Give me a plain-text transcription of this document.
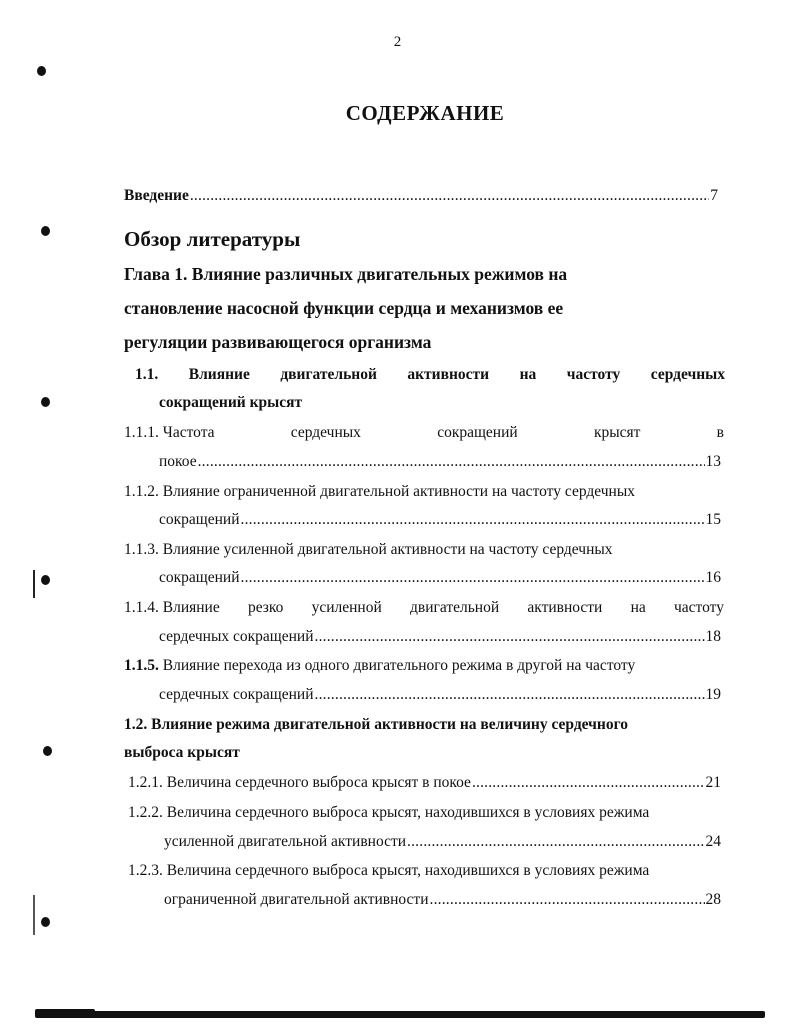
2
СОДЕРЖАНИЕ
Введение .....	7
Обзор литературы
Глава 1. Влияние различных двигательных режимов на
становление насосной функции сердца и механизмов ее
регуляции развивающегося организма
1.1. Влияние двигательной активности на частоту сердечных
сокращений крысят
1.1.1. Частота	сердечных	сокращений	крысят	в
покое .....	13
1.1.2. Влияние ограниченной двигательной активности на частоту сердечных
сокращений .....	15
1.1.3. Влияние усиленной двигательной активности на частоту сердечных
сокращений .....	16
1.1.4. Влияние резко усиленной двигательной активности на частоту
сердечных сокращений .....	18
1.1.5. Влияние перехода из одного двигательного режима в другой на частоту
сердечных сокращений .....	19
1.2. Влияние режима двигательной активности на величину сердечного
выброса крысят
1.2.1. Величина сердечного выброса крысят в покое .....	21
1.2.2. Величина сердечного выброса крысят, находившихся в условиях режима
усиленной двигательной активности .....	24
1.2.3. Величина сердечного выброса крысят, находившихся в условиях режима
ограниченной двигательной активности .....	28
